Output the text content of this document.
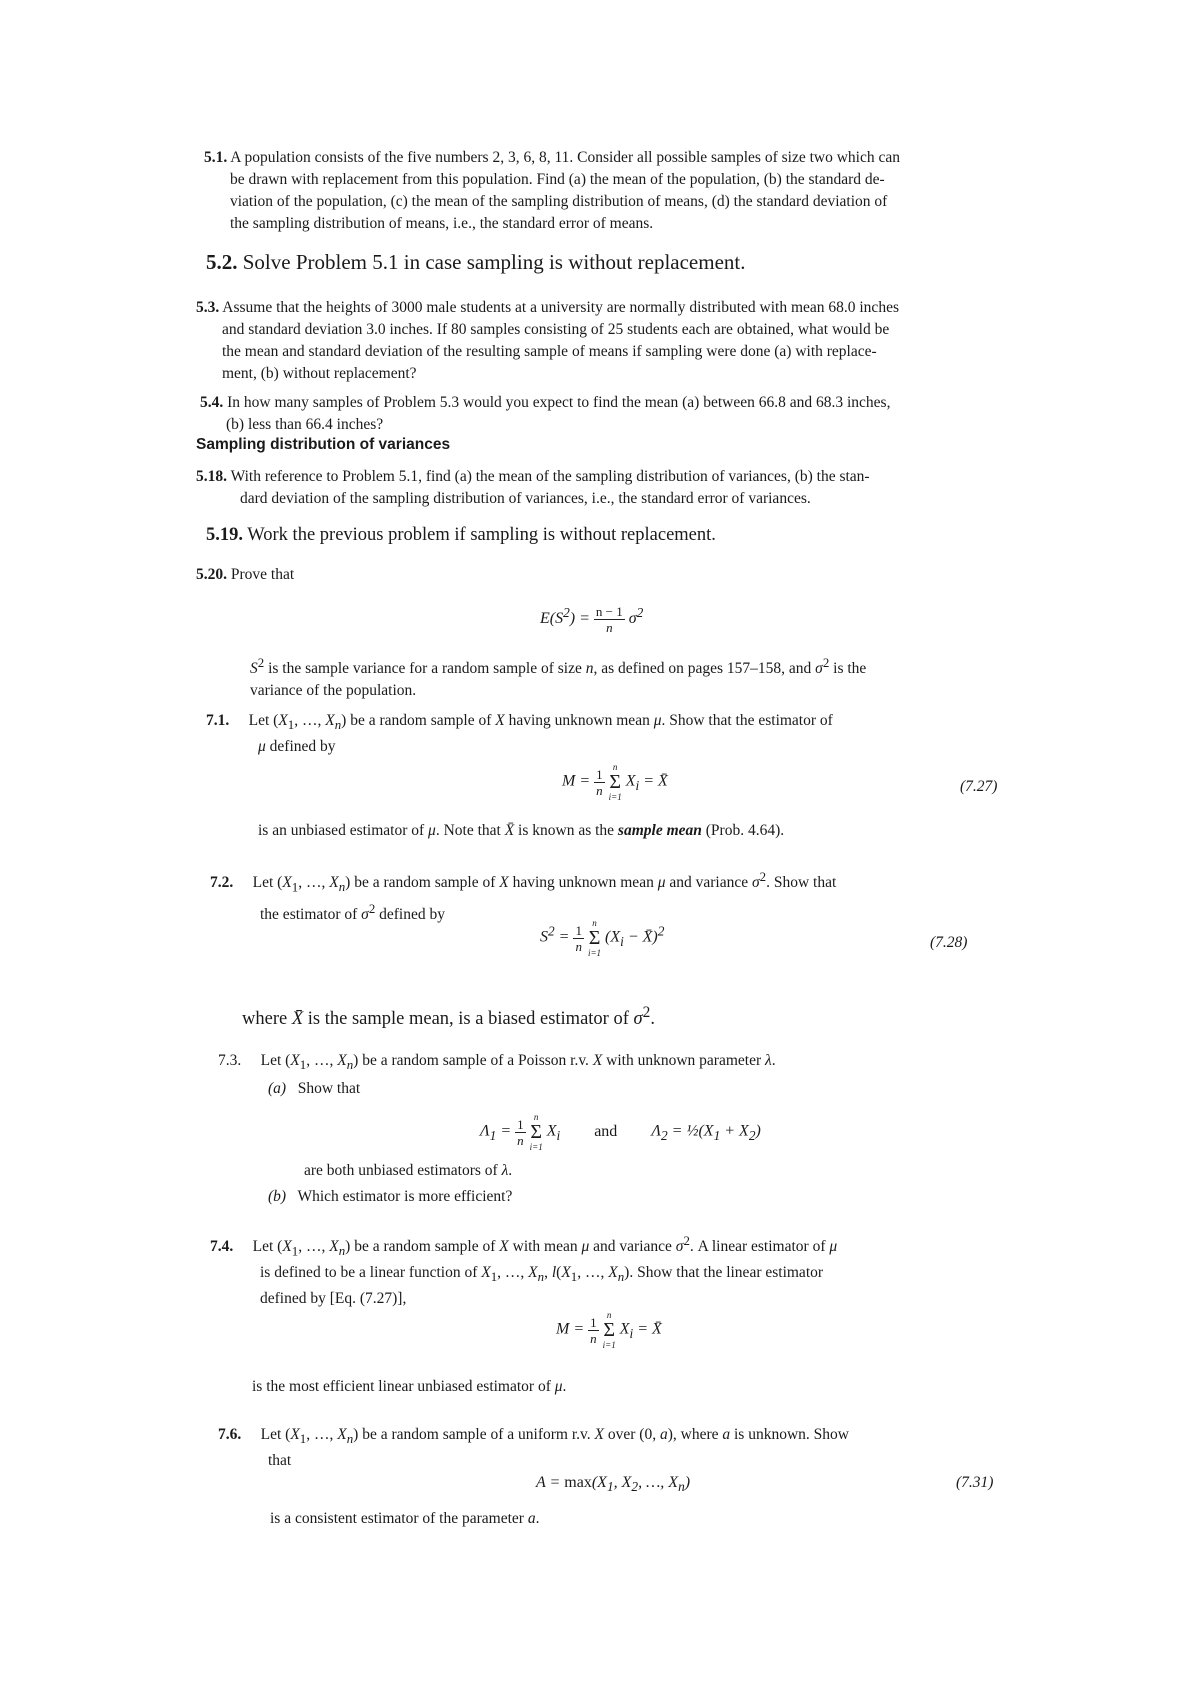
5.1. A population consists of the five numbers 2, 3, 6, 8, 11. Consider all possible samples of size two which can
be drawn with replacement from this population. Find (a) the mean of the population, (b) the standard de-
viation of the population, (c) the mean of the sampling distribution of means, (d) the standard deviation of
the sampling distribution of means, i.e., the standard error of means.
5.2. Solve Problem 5.1 in case sampling is without replacement.
5.3. Assume that the heights of 3000 male students at a university are normally distributed with mean 68.0 inches
and standard deviation 3.0 inches. If 80 samples consisting of 25 students each are obtained, what would be
the mean and standard deviation of the resulting sample of means if sampling were done (a) with replace-
ment, (b) without replacement?
5.4. In how many samples of Problem 5.3 would you expect to find the mean (a) between 66.8 and 68.3 inches,
(b) less than 66.4 inches?
Sampling distribution of variances
5.18. With reference to Problem 5.1, find (a) the mean of the sampling distribution of variances, (b) the stan-
dard deviation of the sampling distribution of variances, i.e., the standard error of variances.
5.19. Work the previous problem if sampling is without replacement.
5.20. Prove that
$E(S^2) = \frac{n - 1}{n} \sigma^2$
$S^2$ is the sample variance for a random sample of size n, as defined on pages 157–158, and $\sigma^2$ is the
variance of the population.
7.1. Let ($X_1$, …, $X_n$) be a random sample of X having unknown mean μ. Show that the estimator of
μ defined by
$M = \frac{1}{n}$
n
Σ
i=1
$X_i$ = X̄	(7.27)
is an unbiased estimator of μ. Note that X̄ is known as the sample mean (Prob. 4.64).
7.2. Let ($X_1$, …, $X_n$) be a random sample of X having unknown mean μ and variance $\sigma^2$. Show that
the estimator of $\sigma^2$ defined by
$S^2 = \frac{1}{n}$
n
Σ
i=1
($X_i$ − X̄)$^2$
(7.28)
where X̄ is the sample mean, is a biased estimator of $\sigma^2$.
7.3. Let ($X_1$, …, $X_n$) be a random sample of a Poisson r.v. X with unknown parameter λ.
(a) Show that
$\Lambda_1 = \frac{1}{n}$
n
Σ
i=1
$X_i$ and $\Lambda_2$ = $\frac{1}{2}(X_1 + X_2)$
are both unbiased estimators of λ.
(b) Which estimator is more efficient?
7.4. Let ($X_1$, …, $X_n$) be a random sample of X with mean μ and variance $\sigma^2$. A linear estimator of μ
is defined to be a linear function of $X_1$, …, $X_n$, $l(X_1$, …, $X_n$). Show that the linear estimator
defined by [Eq. (7.27)],
$M = \frac{1}{n}$
n
Σ
i=1
$X_i$ = X̄
is the most efficient linear unbiased estimator of μ.
7.6. Let ($X_1$, …, $X_n$) be a random sample of a uniform r.v. X over (0, a), where a is unknown. Show
that
$A = \max(X_1$, $X_2$, …, $X_n$)	(7.31)
is a consistent estimator of the parameter a.
